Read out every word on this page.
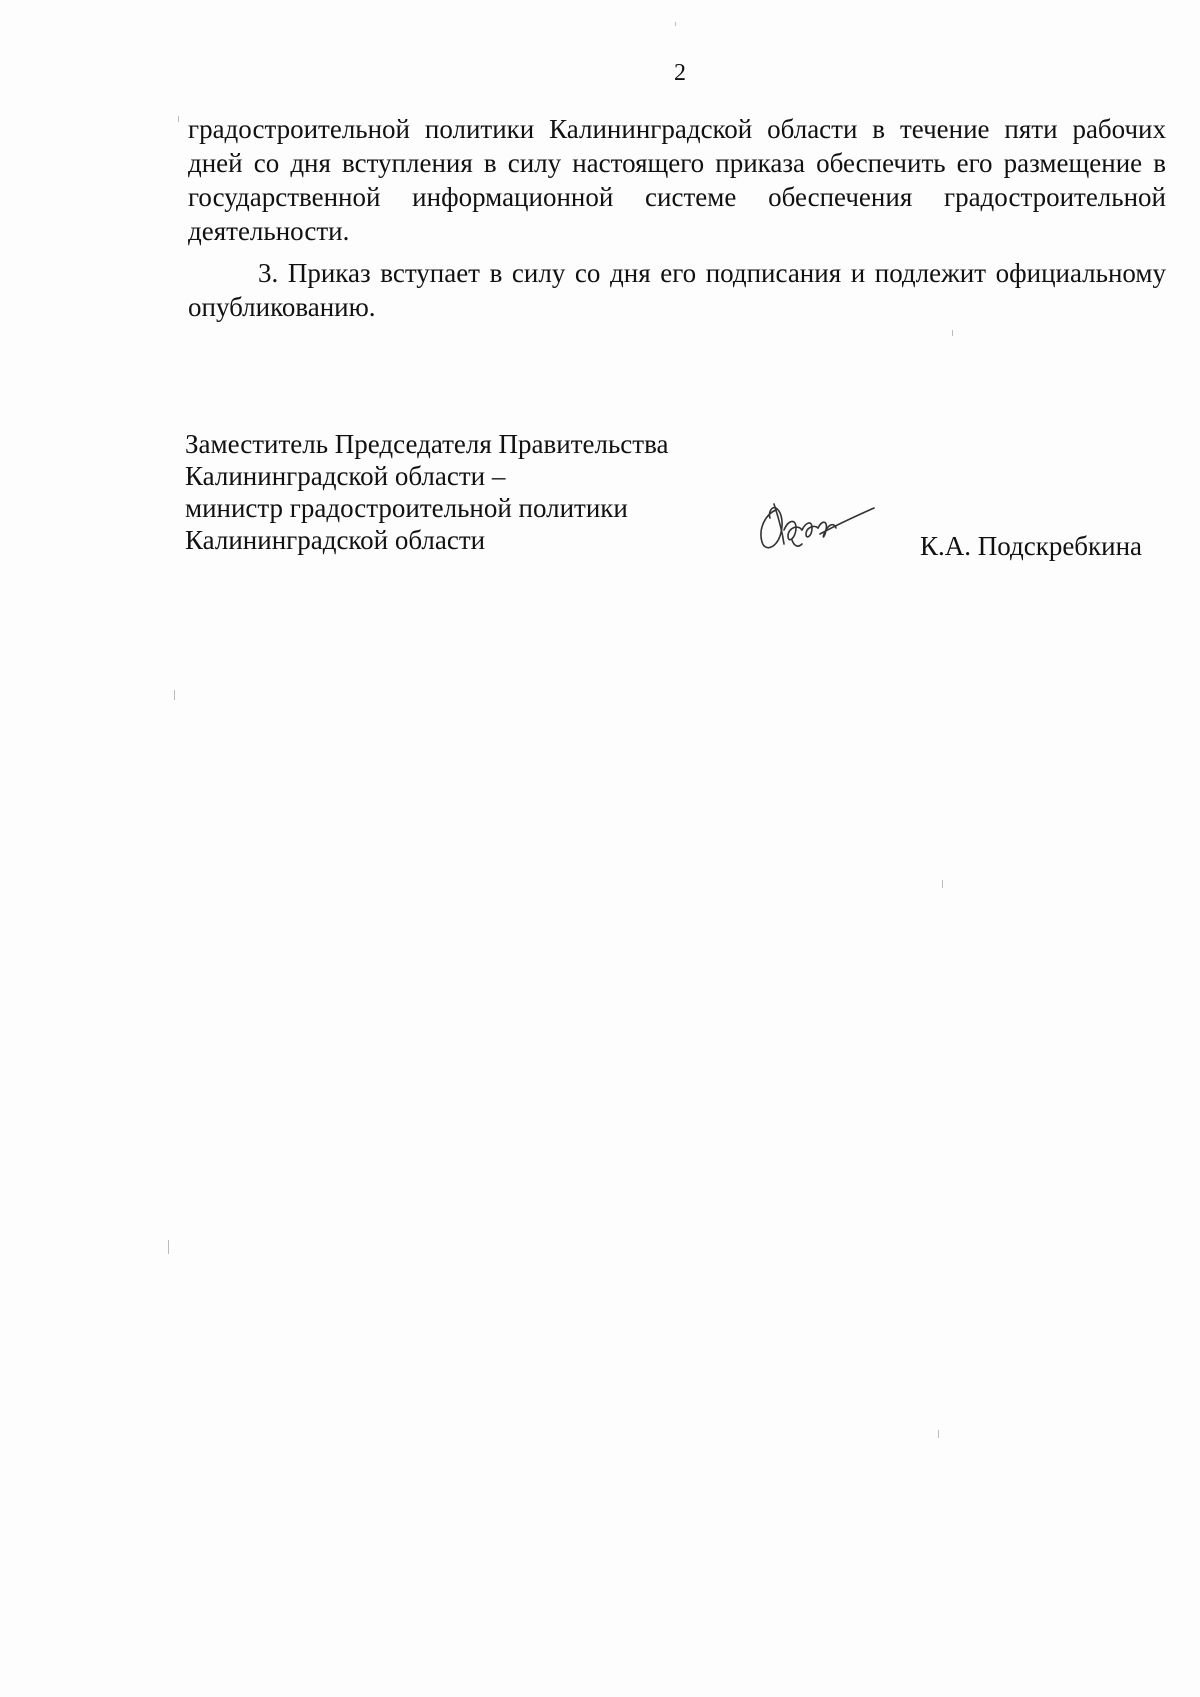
2

градостроительной политики Калининградской области в течение пяти рабочих дней со дня вступления в силу настоящего приказа обеспечить его размещение в государственной информационной системе обеспечения градостроительной деятельности.

3. Приказ вступает в силу со дня его подписания и подлежит официальному опубликованию.

Заместитель Председателя Правительства
Калининградской области –
министр градостроительной политики
Калининградской области	К.А. Подскребкина
